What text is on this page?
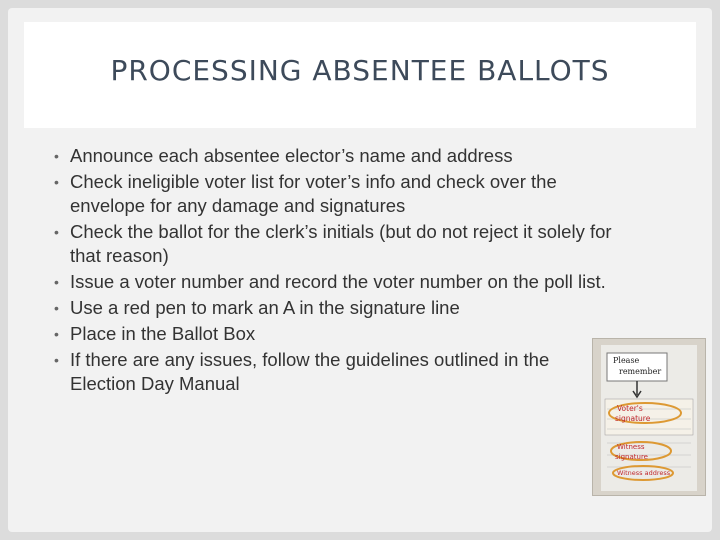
PROCESSING ABSENTEE BALLOTS
• Announce each absentee elector’s name and address
• Check ineligible voter list for voter’s info and check over the envelope for any damage and signatures
• Check the ballot for the clerk’s initials (but do not reject it solely for that reason)
• Issue a voter number and record the voter number on the poll list.
• Use a red pen to mark an A in the signature line
• Place in the Ballot Box
• If there are any issues, follow the guidelines outlined in the Election Day Manual
Please
remember
Voter's
signature
Witness
signature
Witness address
